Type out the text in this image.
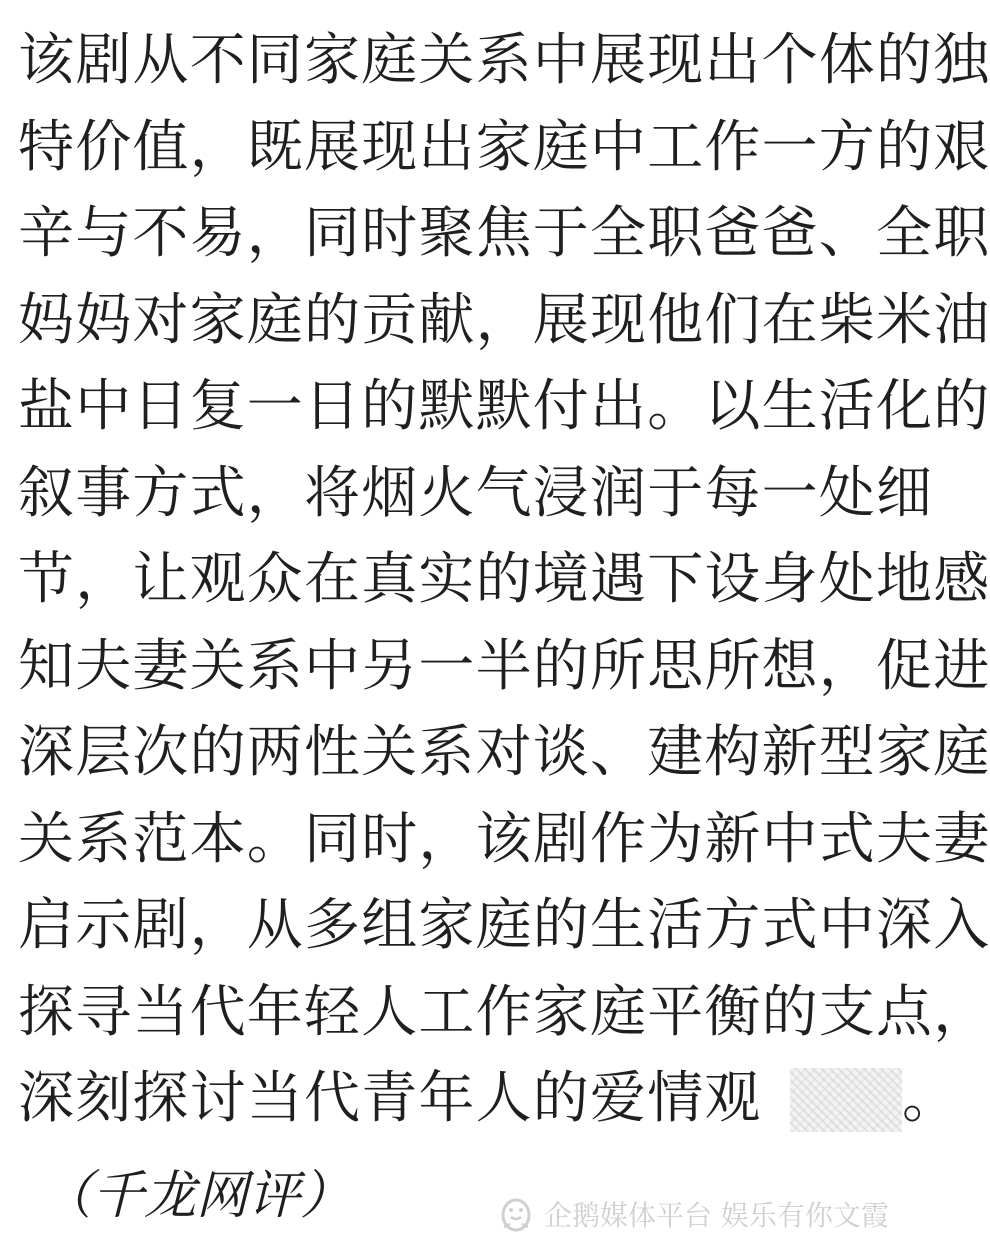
该剧从不同家庭关系中展现出个体的独
特价值，既展现出家庭中工作一方的艰
辛与不易，同时聚焦于全职爸爸、全职
妈妈对家庭的贡献，展现他们在柴米油
盐中日复一日的默默付出。以生活化的
叙事方式，将烟火气浸润于每一处细
节，让观众在真实的境遇下设身处地感
知夫妻关系中另一半的所思所想，促进
深层次的两性关系对谈、建构新型家庭
关系范本。同时，该剧作为新中式夫妻
启示剧，从多组家庭的生活方式中深入
探寻当代年轻人工作家庭平衡的支点，
深刻探讨当代青年人的爱情观	。
（千龙网评）	企鹅媒体平台 娱乐有你文霞
